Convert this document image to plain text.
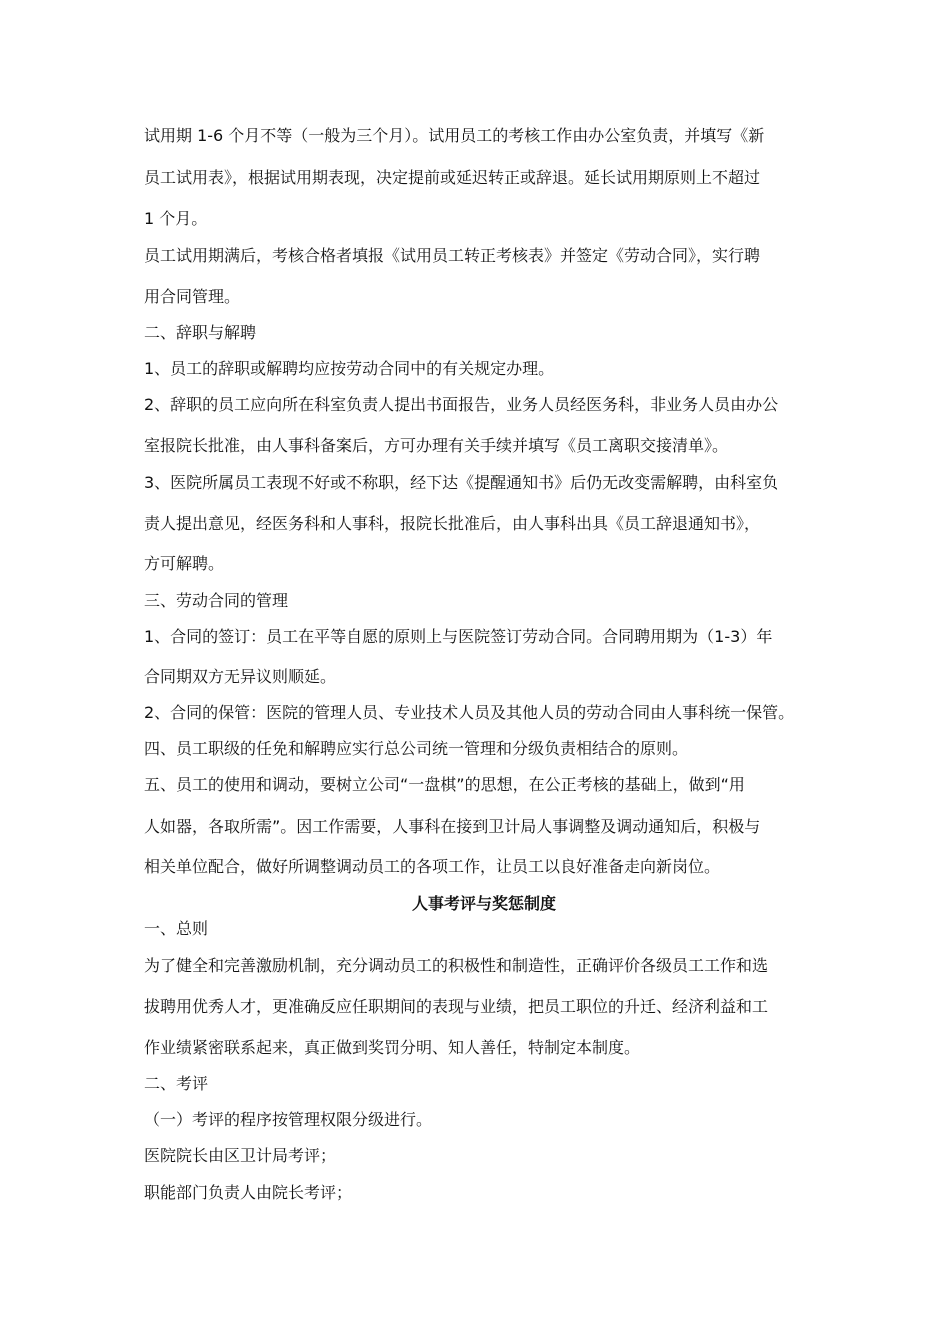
试用期 1-6 个月不等（一般为三个月）。试用员工的考核工作由办公室负责，并填写《新
员工试用表》，根据试用期表现，决定提前或延迟转正或辞退。延长试用期原则上不超过
1 个月。
员工试用期满后，考核合格者填报《试用员工转正考核表》并签定《劳动合同》，实行聘
用合同管理。
二、辞职与解聘
1、员工的辞职或解聘均应按劳动合同中的有关规定办理。
2、辞职的员工应向所在科室负责人提出书面报告，业务人员经医务科，非业务人员由办公
室报院长批准，由人事科备案后，方可办理有关手续并填写《员工离职交接清单》。
3、医院所属员工表现不好或不称职，经下达《提醒通知书》后仍无改变需解聘，由科室负
责人提出意见，经医务科和人事科，报院长批准后，由人事科出具《员工辞退通知书》，
方可解聘。
三、劳动合同的管理
1、合同的签订：员工在平等自愿的原则上与医院签订劳动合同。合同聘用期为（1-3）年
合同期双方无异议则顺延。
2、合同的保管：医院的管理人员、专业技术人员及其他人员的劳动合同由人事科统一保管。
四、员工职级的任免和解聘应实行总公司统一管理和分级负责相结合的原则。
五、员工的使用和调动，要树立公司“一盘棋”的思想，在公正考核的基础上，做到“用
人如器，各取所需”。因工作需要，人事科在接到卫计局人事调整及调动通知后，积极与
相关单位配合，做好所调整调动员工的各项工作，让员工以良好准备走向新岗位。
人事考评与奖惩制度
一、总则
为了健全和完善激励机制，充分调动员工的积极性和制造性，正确评价各级员工工作和选
拔聘用优秀人才，更准确反应任职期间的表现与业绩，把员工职位的升迁、经济利益和工
作业绩紧密联系起来，真正做到奖罚分明、知人善任，特制定本制度。
二、考评
（一）考评的程序按管理权限分级进行。
医院院长由区卫计局考评；
职能部门负责人由院长考评；
